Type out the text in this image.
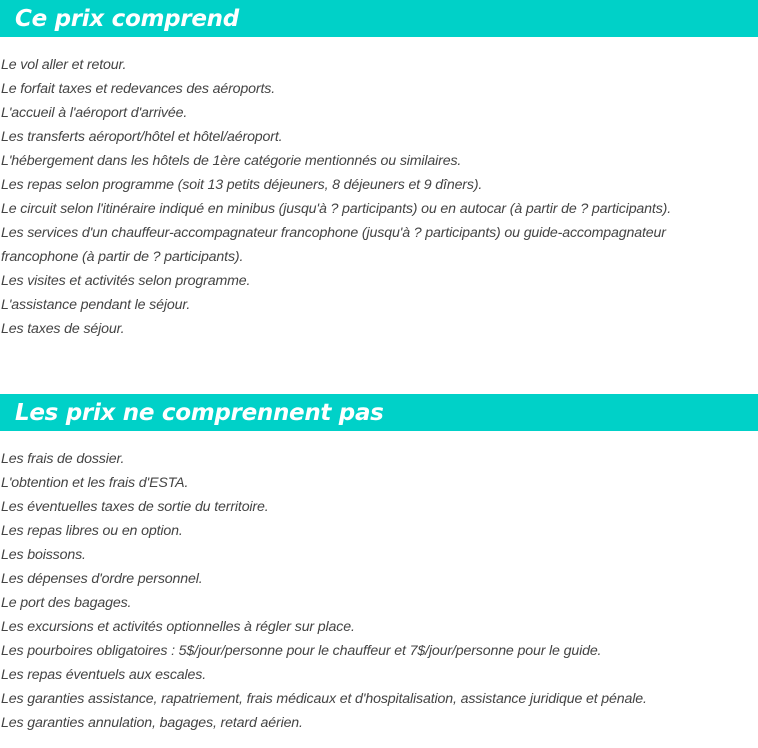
Ce prix comprend
Le vol aller et retour.
Le forfait taxes et redevances des aéroports.
L'accueil à l'aéroport d'arrivée.
Les transferts aéroport/hôtel et hôtel/aéroport.
L'hébergement dans les hôtels de 1ère catégorie mentionnés ou similaires.
Les repas selon programme (soit 13 petits déjeuners, 8 déjeuners et 9 dîners).
Le circuit selon l'itinéraire indiqué en minibus (jusqu'à ? participants) ou en autocar (à partir de ? participants).
Les services d'un chauffeur-accompagnateur francophone (jusqu'à ? participants) ou guide-accompagnateur francophone (à partir de ? participants).
Les visites et activités selon programme.
L'assistance pendant le séjour.
Les taxes de séjour.
Les prix ne comprennent pas
Les frais de dossier.
L'obtention et les frais d'ESTA.
Les éventuelles taxes de sortie du territoire.
Les repas libres ou en option.
Les boissons.
Les dépenses d'ordre personnel.
Le port des bagages.
Les excursions et activités optionnelles à régler sur place.
Les pourboires obligatoires : 5$/jour/personne pour le chauffeur et 7$/jour/personne pour le guide.
Les repas éventuels aux escales.
Les garanties assistance, rapatriement, frais médicaux et d'hospitalisation, assistance juridique et pénale.
Les garanties annulation, bagages, retard aérien.
